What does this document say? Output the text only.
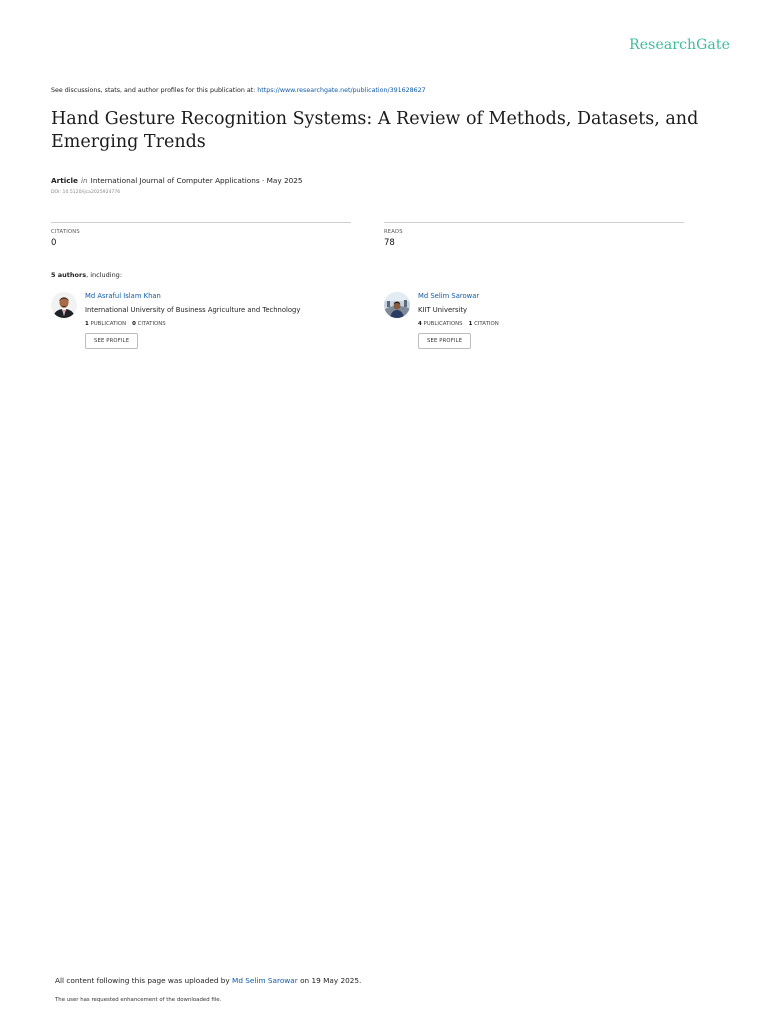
ResearchGate
See discussions, stats, and author profiles for this publication at: https://www.researchgate.net/publication/391628627
Hand Gesture Recognition Systems: A Review of Methods, Datasets, and Emerging Trends
Article in International Journal of Computer Applications · May 2025
DOI: 10.5120/ijca2025924776
CITATIONS
0
READS
78
5 authors, including:
Md Asraful Islam Khan
International University of Business Agriculture and Technology
1 PUBLICATION 0 CITATIONS
SEE PROFILE
Md Selim Sarowar
KIIT University
4 PUBLICATIONS 1 CITATION
SEE PROFILE
All content following this page was uploaded by Md Selim Sarowar on 19 May 2025.
The user has requested enhancement of the downloaded file.
